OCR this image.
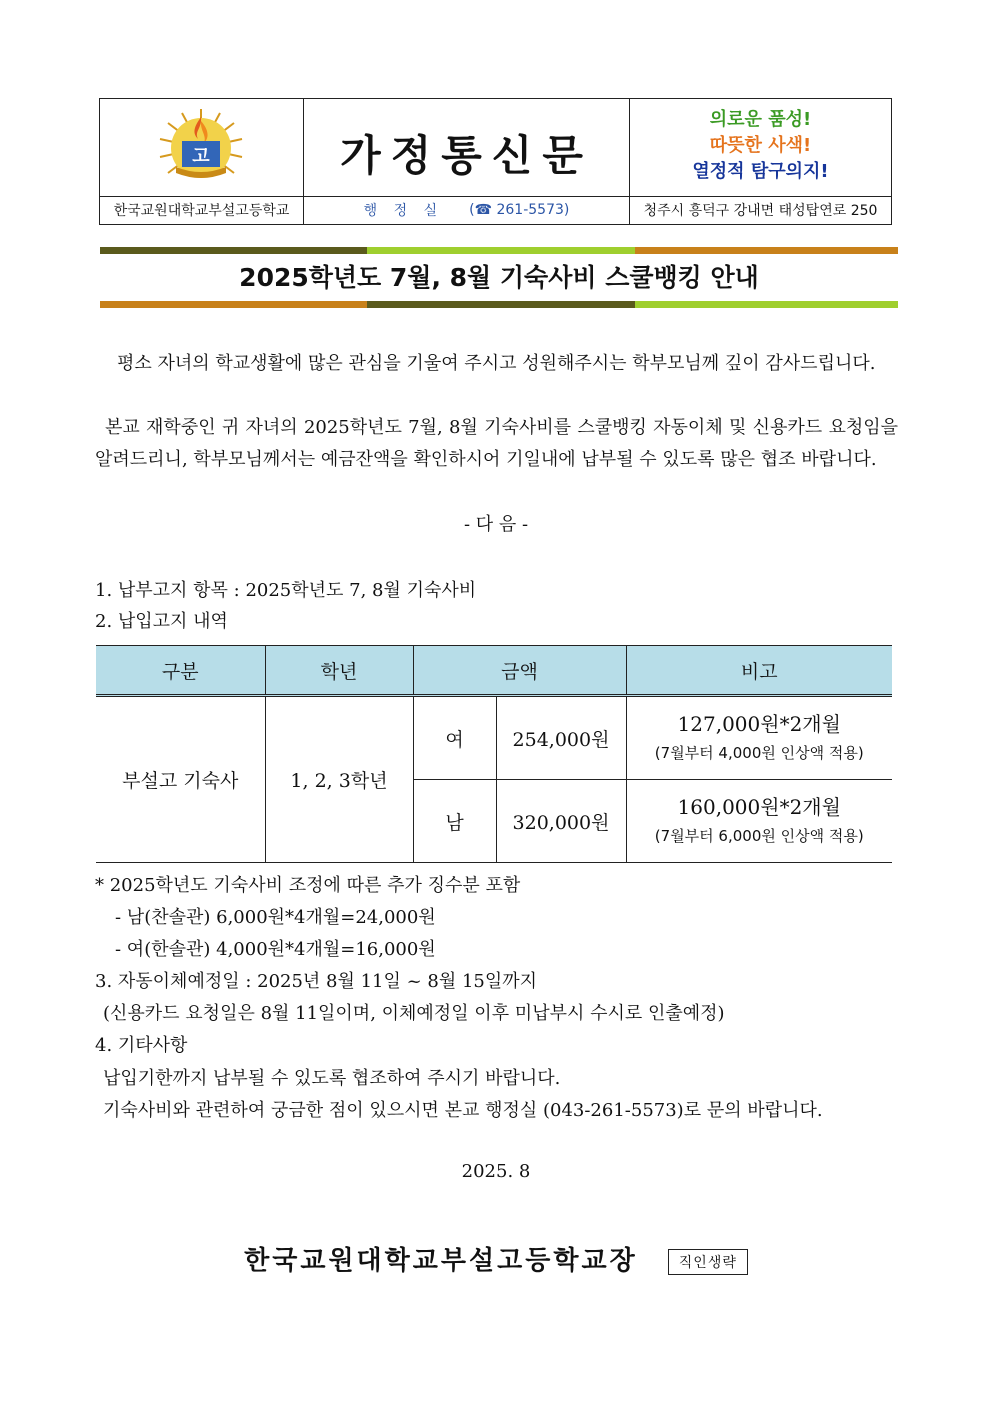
고	가정통신문
의로운 품성!
따뜻한 사색!
열정적 탐구의지!
한국교원대학교부설고등학교	행 정 실 (☎ 261-5573)	청주시 흥덕구 강내면 태성탑연로 250
2025학년도 7월, 8월 기숙사비 스쿨뱅킹 안내
평소 자녀의 학교생활에 많은 관심을 기울여 주시고 성원해주시는 학부모님께 깊이 감사드립니다.
본교 재학중인 귀 자녀의 2025학년도 7월, 8월 기숙사비를 스쿨뱅킹 자동이체 및 신용카드 요청임을 알려드리니, 학부모님께서는 예금잔액을 확인하시어 기일내에 납부될 수 있도록 많은 협조 바랍니다.
- 다 음 -
1. 납부고지 항목 : 2025학년도 7, 8월 기숙사비
2. 납입고지 내역
구분	학년	금액		비고
부설고 기숙사	1, 2, 3학년	여	254,000원	127,000원*2개월
(7월부터 4,000원 인상액 적용)

		남	320,000원	160,000원*2개월
(7월부터 6,000원 인상액 적용)
* 2025학년도 기숙사비 조정에 따른 추가 징수분 포함
- 남(찬솔관) 6,000원*4개월=24,000원
- 여(한솔관) 4,000원*4개월=16,000원
3. 자동이체예정일 : 2025년 8월 11일 ~ 8월 15일까지
(신용카드 요청일은 8월 11일이며, 이체예정일 이후 미납부시 수시로 인출예정)
4. 기타사항
납입기한까지 납부될 수 있도록 협조하여 주시기 바랍니다.
기숙사비와 관련하여 궁금한 점이 있으시면 본교 행정실 (043-261-5573)로 문의 바랍니다.
2025. 8
한국교원대학교부설고등학교장	직인생략
